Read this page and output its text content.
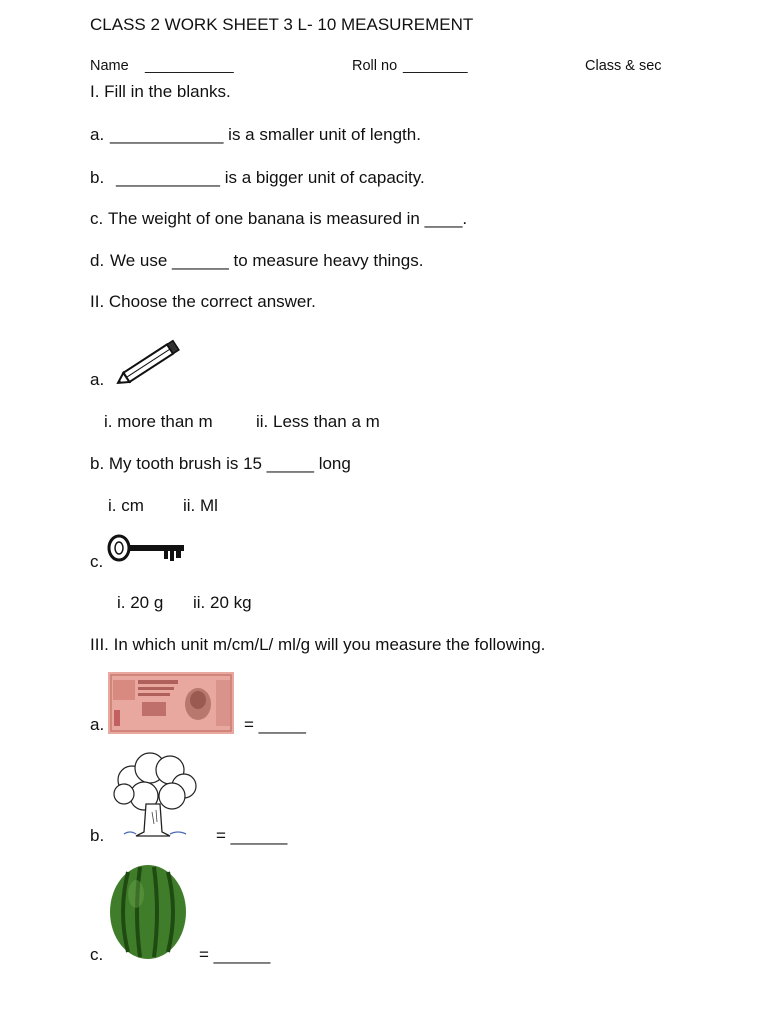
CLASS 2 WORK SHEET 3 L- 10 MEASUREMENT
Name ___________	Roll no ________	Class & sec
I. Fill in the blanks.
a. ____________ is a smaller unit of length.
b. ___________ is a bigger unit of capacity.
c. The weight of one banana is measured in ____.
d. We use ______ to measure heavy things.
II. Choose the correct answer.
a.
i. more than m	ii. Less than a m
b. My tooth brush is 15 _____ long
i. cm ii. Ml
c.
i. 20 g ii. 20 kg
III. In which unit m/cm/L/ ml/g will you measure the following.
a.	= _____
b.	= ______
c.	= ______
